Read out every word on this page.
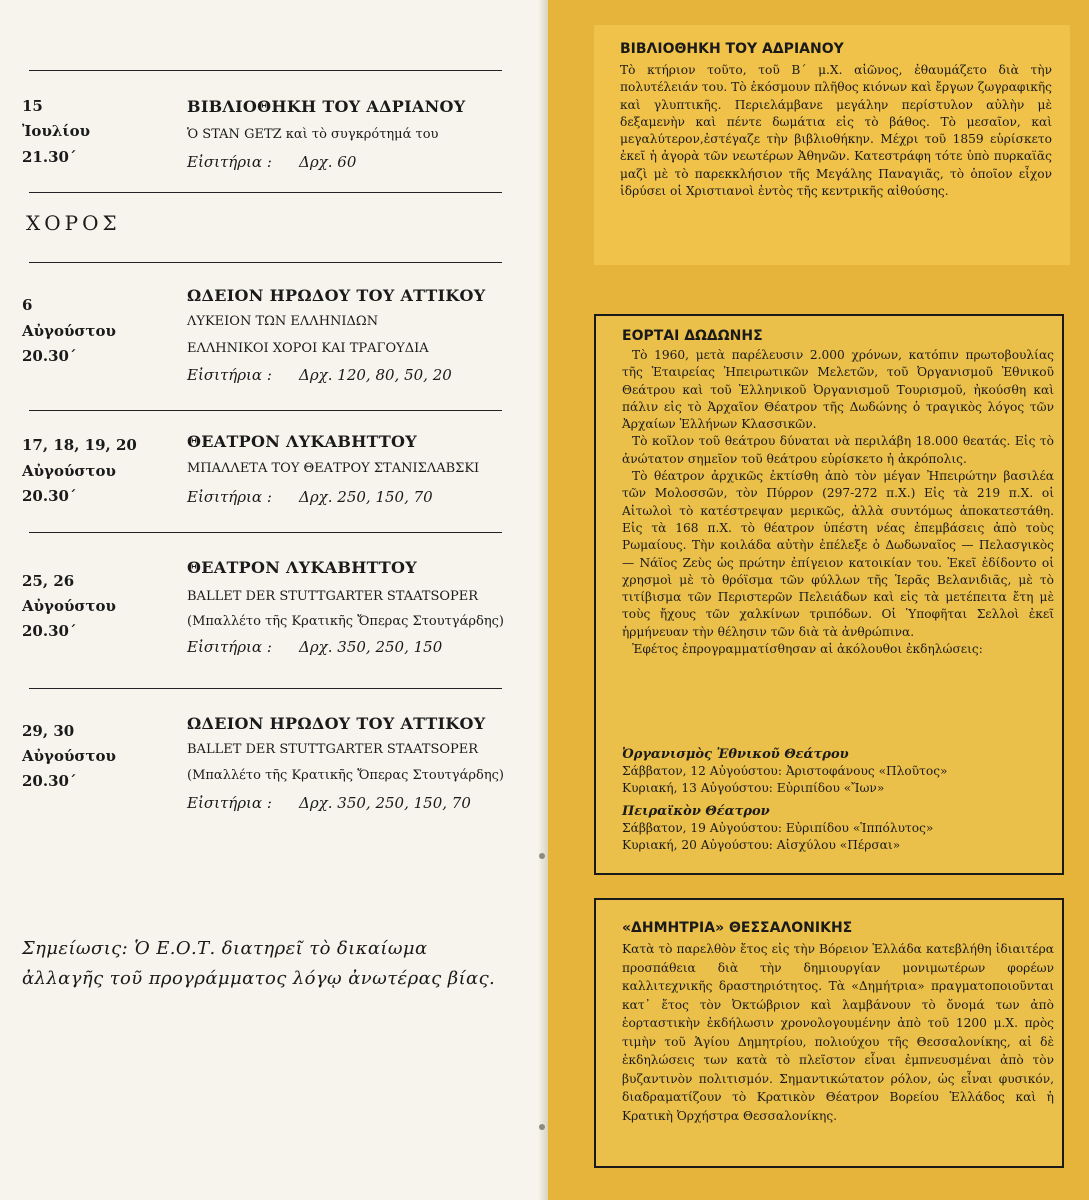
15
Ἰουλίου
21.30΄
ΒΙΒΛΙΟΘΗΚΗ ΤΟΥ ΑΔΡΙΑΝΟΥ
Ὁ STAN GETZ καὶ τὸ συγκρότημά του
Εἰσιτήρια : Δρχ. 60
ΧΟΡΟΣ
6
Αὐγούστου
20.30΄
ΩΔΕΙΟΝ ΗΡΩΔΟΥ ΤΟΥ ΑΤΤΙΚΟΥ
ΛΥΚΕΙΟΝ ΤΩΝ ΕΛΛΗΝΙΔΩΝ
ΕΛΛΗΝΙΚΟΙ ΧΟΡΟΙ ΚΑΙ ΤΡΑΓΟΥΔΙΑ
Εἰσιτήρια : Δρχ. 120, 80, 50, 20
17, 18, 19, 20
Αὐγούστου
20.30΄
ΘΕΑΤΡΟΝ ΛΥΚΑΒΗΤΤΟΥ
ΜΠΑΛΛΕΤΑ ΤΟΥ ΘΕΑΤΡΟΥ ΣΤΑΝΙΣΛΑΒΣΚΙ
Εἰσιτήρια : Δρχ. 250, 150, 70
25, 26
Αὐγούστου
20.30΄
ΘΕΑΤΡΟΝ ΛΥΚΑΒΗΤΤΟΥ
BALLET DER STUTTGARTER STAATSOPER
(Μπαλλέτο τῆς Κρατικῆς Ὄπερας Στουτγάρδης)
Εἰσιτήρια : Δρχ. 350, 250, 150
29, 30
Αὐγούστου
20.30΄
ΩΔΕΙΟΝ ΗΡΩΔΟΥ ΤΟΥ ΑΤΤΙΚΟΥ
BALLET DER STUTTGARTER STAATSOPER
(Μπαλλέτο τῆς Κρατικῆς Ὄπερας Στουτγάρδης)
Εἰσιτήρια : Δρχ. 350, 250, 150, 70
Σημείωσις: Ὁ Ε.Ο.Τ. διατηρεῖ τὸ δικαίωμα
ἀλλαγῆς τοῦ προγράμματος λόγῳ ἀνωτέρας βίας.
ΒΙΒΛΙΟΘΗΚΗ ΤΟΥ ΑΔΡΙΑΝΟΥ
Τὸ κτήριον τοῦτο, τοῦ Β΄ μ.Χ. αἰῶνος, ἐθαυμάζετο διὰ τὴν πολυτέλειάν του. Τὸ ἐκόσμουν πλῆθος κιόνων καὶ ἔργων ζωγραφικῆς καὶ γλυπτικῆς. Περιελάμβανε μεγάλην περίστυλον αὐλὴν μὲ δεξαμενὴν καὶ πέντε δωμάτια εἰς τὸ βάθος. Τὸ μεσαῖον, καὶ μεγαλύτερον,ἐστέγαζε τὴν βιβλιοθήκην. Μέχρι τοῦ 1859 εὑρίσκετο ἐκεῖ ἡ ἀγορὰ τῶν νεωτέρων Ἀθηνῶν. Κατεστράφη τότε ὑπὸ πυρκαϊᾶς μαζὶ μὲ τὸ παρεκκλήσιον τῆς Μεγάλης Παναγιᾶς, τὸ ὁποῖον εἶχον ἱδρύσει οἱ Χριστιανοὶ ἐντὸς τῆς κεντρικῆς αἰθούσης.
ΕΟΡΤΑΙ ΔΩΔΩΝΗΣ

Τὸ 1960, μετὰ παρέλευσιν 2.000 χρόνων, κατόπιν πρωτοβουλίας τῆς Ἑταιρείας Ἠπειρωτικῶν Μελετῶν, τοῦ Ὀργανισμοῦ Ἐθνικοῦ Θεάτρου καὶ τοῦ Ἑλληνικοῦ Ὀργανισμοῦ Τουρισμοῦ, ἠκούσθη καὶ πάλιν εἰς τὸ Ἀρχαῖον Θέατρον τῆς Δωδώνης ὁ τραγικὸς λόγος τῶν Ἀρχαίων Ἑλλήνων Κλασσικῶν.

Τὸ κοῖλον τοῦ θεάτρου δύναται νὰ περιλάβη 18.000 θεατάς. Εἰς τὸ ἀνώτατον σημεῖον τοῦ θεάτρου εὑρίσκετο ἡ ἀκρόπολις.

Τὸ θέατρον ἀρχικῶς ἐκτίσθη ἀπὸ τὸν μέγαν Ἠπειρώτην βασιλέα τῶν Μολοσσῶν, τὸν Πύρρον (297-272 π.Χ.) Εἰς τὰ 219 π.Χ. οἱ Αἰτωλοὶ τὸ κατέστρεψαν μερικῶς, ἀλλὰ συντόμως ἀποκατεστάθη. Εἰς τὰ 168 π.Χ. τὸ θέατρον ὑπέστη νέας ἐπεμβάσεις ἀπὸ τοὺς Ρωμαίους. Τὴν κοιλάδα αὐτὴν ἐπέλεξε ὁ Δωδωναῖος — Πελασγικὸς — Νάϊος Ζεὺς ὡς πρώτην ἐπίγειον κατοικίαν του. Ἐκεῖ ἐδίδοντο οἱ χρησμοὶ μὲ τὸ θρόϊσμα τῶν φύλλων τῆς Ἱερᾶς Βελανιδιᾶς, μὲ τὸ τιτίβισμα τῶν Περιστερῶν Πελειάδων καὶ εἰς τὰ μετέπειτα ἔτη μὲ τοὺς ἤχους τῶν χαλκίνων τριπόδων. Οἱ Ὑποφῆται Σελλοὶ ἐκεῖ ἡρμήνευαν τὴν θέλησιν τῶν διὰ τὰ ἀνθρώπινα.

Ἐφέτος ἐπρογραμματίσθησαν αἱ ἀκόλουθοι ἐκδηλώσεις:

Ὀργανισμὸς Ἐθνικοῦ Θεάτρου
Σάββατον, 12 Αὐγούστου: Ἀριστοφάνους «Πλοῦτος»
Κυριακή, 13 Αὐγούστου: Εὐριπίδου «Ἴων»
Πειραϊκὸν Θέατρον
Σάββατον, 19 Αὐγούστου: Εὐριπίδου «Ἱππόλυτος»
Κυριακή, 20 Αὐγούστου: Αἰσχύλου «Πέρσαι»
«ΔΗΜΗΤΡΙΑ» ΘΕΣΣΑΛΟΝΙΚΗΣ
Κατὰ τὸ παρελθὸν ἔτος εἰς τὴν Βόρειον Ἑλλάδα κατεβλήθη ἰδιαιτέρα προσπάθεια διὰ τὴν δημιουργίαν μονιμωτέρων φορέων καλλιτεχνικῆς δραστηριότητος. Τὰ «Δημήτρια» πραγματοποιοῦνται κατ᾽ ἔτος τὸν Ὀκτώβριον καὶ λαμβάνουν τὸ ὄνομά των ἀπὸ ἑορταστικὴν ἐκδήλωσιν χρονολογουμένην ἀπὸ τοῦ 1200 μ.Χ. πρὸς τιμὴν τοῦ Ἁγίου Δημητρίου, πολιούχου τῆς Θεσσαλονίκης, αἱ δὲ ἐκδηλώσεις των κατὰ τὸ πλεῖστον εἶναι ἐμπνευσμέναι ἀπὸ τὸν βυζαντινὸν πολιτισμόν. Σημαντικώτατον ρόλον, ὡς εἶναι φυσικόν, διαδραματίζουν τὸ Κρατικὸν Θέατρον Βορείου Ἑλλάδος καὶ ἡ Κρατικὴ Ὀρχήστρα Θεσσαλονίκης.
